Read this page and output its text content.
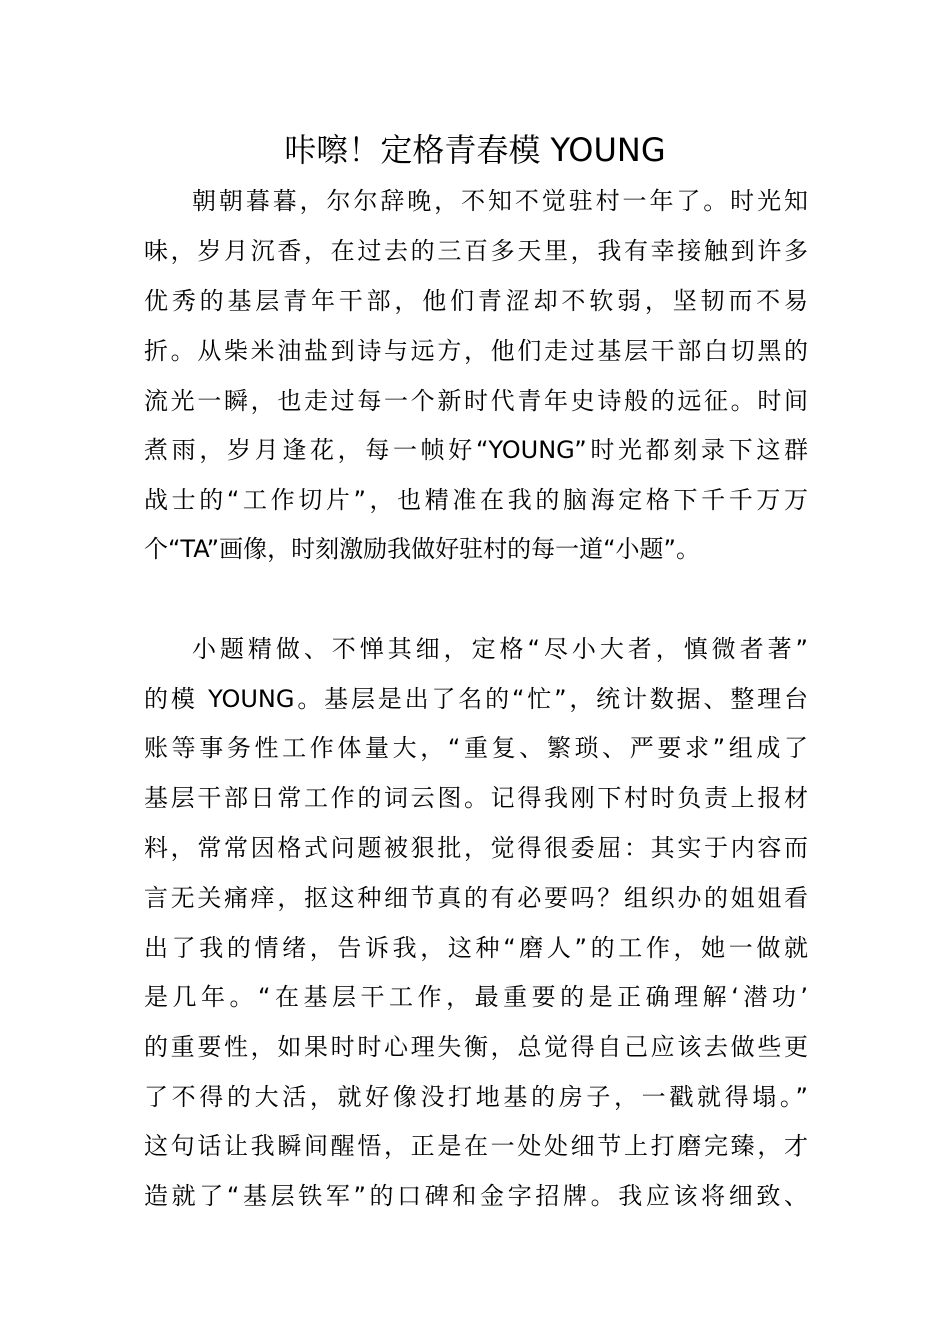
咔嚓！定格青春模 YOUNG
朝朝暮暮，尔尔辞晚，不知不觉驻村一年了。时光知
味，岁月沉香，在过去的三百多天里，我有幸接触到许多
优秀的基层青年干部，他们青涩却不软弱，坚韧而不易
折。从柴米油盐到诗与远方，他们走过基层干部白切黑的
流光一瞬，也走过每一个新时代青年史诗般的远征。时间
煮雨，岁月逢花，每一帧好“YOUNG”时光都刻录下这群
战士的“工作切片”，也精准在我的脑海定格下千千万万
个“TA”画像，时刻激励我做好驻村的每一道“小题”。
小题精做、不惮其细，定格“尽小大者，慎微者著”
的模 YOUNG。基层是出了名的“忙”，统计数据、整理台
账等事务性工作体量大，“重复、繁琐、严要求”组成了
基层干部日常工作的词云图。记得我刚下村时负责上报材
料，常常因格式问题被狠批，觉得很委屈：其实于内容而
言无关痛痒，抠这种细节真的有必要吗？组织办的姐姐看
出了我的情绪，告诉我，这种“磨人”的工作，她一做就
是几年。“在基层干工作，最重要的是正确理解‘潜功’
的重要性，如果时时心理失衡，总觉得自己应该去做些更
了不得的大活，就好像没打地基的房子，一戳就得塌。”
这句话让我瞬间醒悟，正是在一处处细节上打磨完臻，才
造就了“基层铁军”的口碑和金字招牌。我应该将细致、
